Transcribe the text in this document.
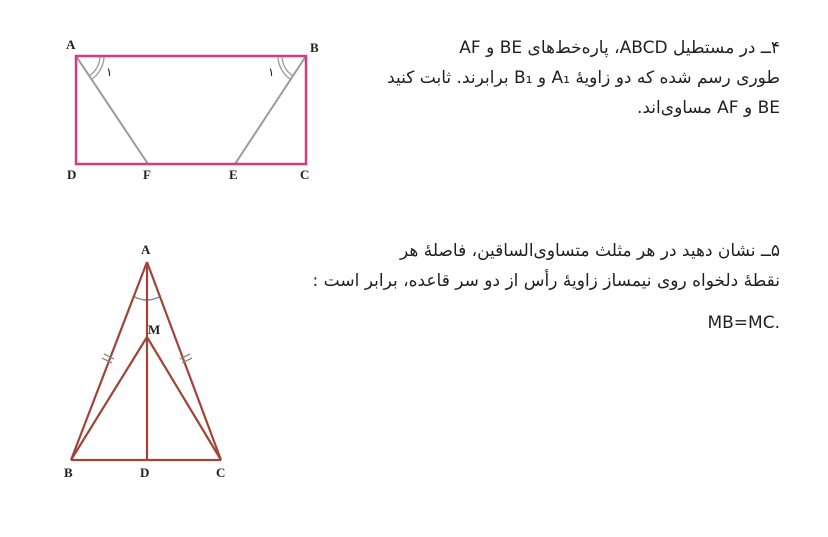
A	B
C
D	F	E
۱	۱
A
M
B	D	C
۴ــ در مستطیل ABCD، پاره‌خط‌های BE و AF
طوری رسم شده که دو زاویهٔ A₁ و B₁ برابرند. ثابت کنید
BE و AF مساوی‌اند.
۵ــ نشان دهید در هر مثلث متساوی‌الساقین، فاصلهٔ هر
نقطهٔ دلخواه روی نیمساز زاویهٔ رأس از دو سر قاعده، برابر است :
.MB=MC
